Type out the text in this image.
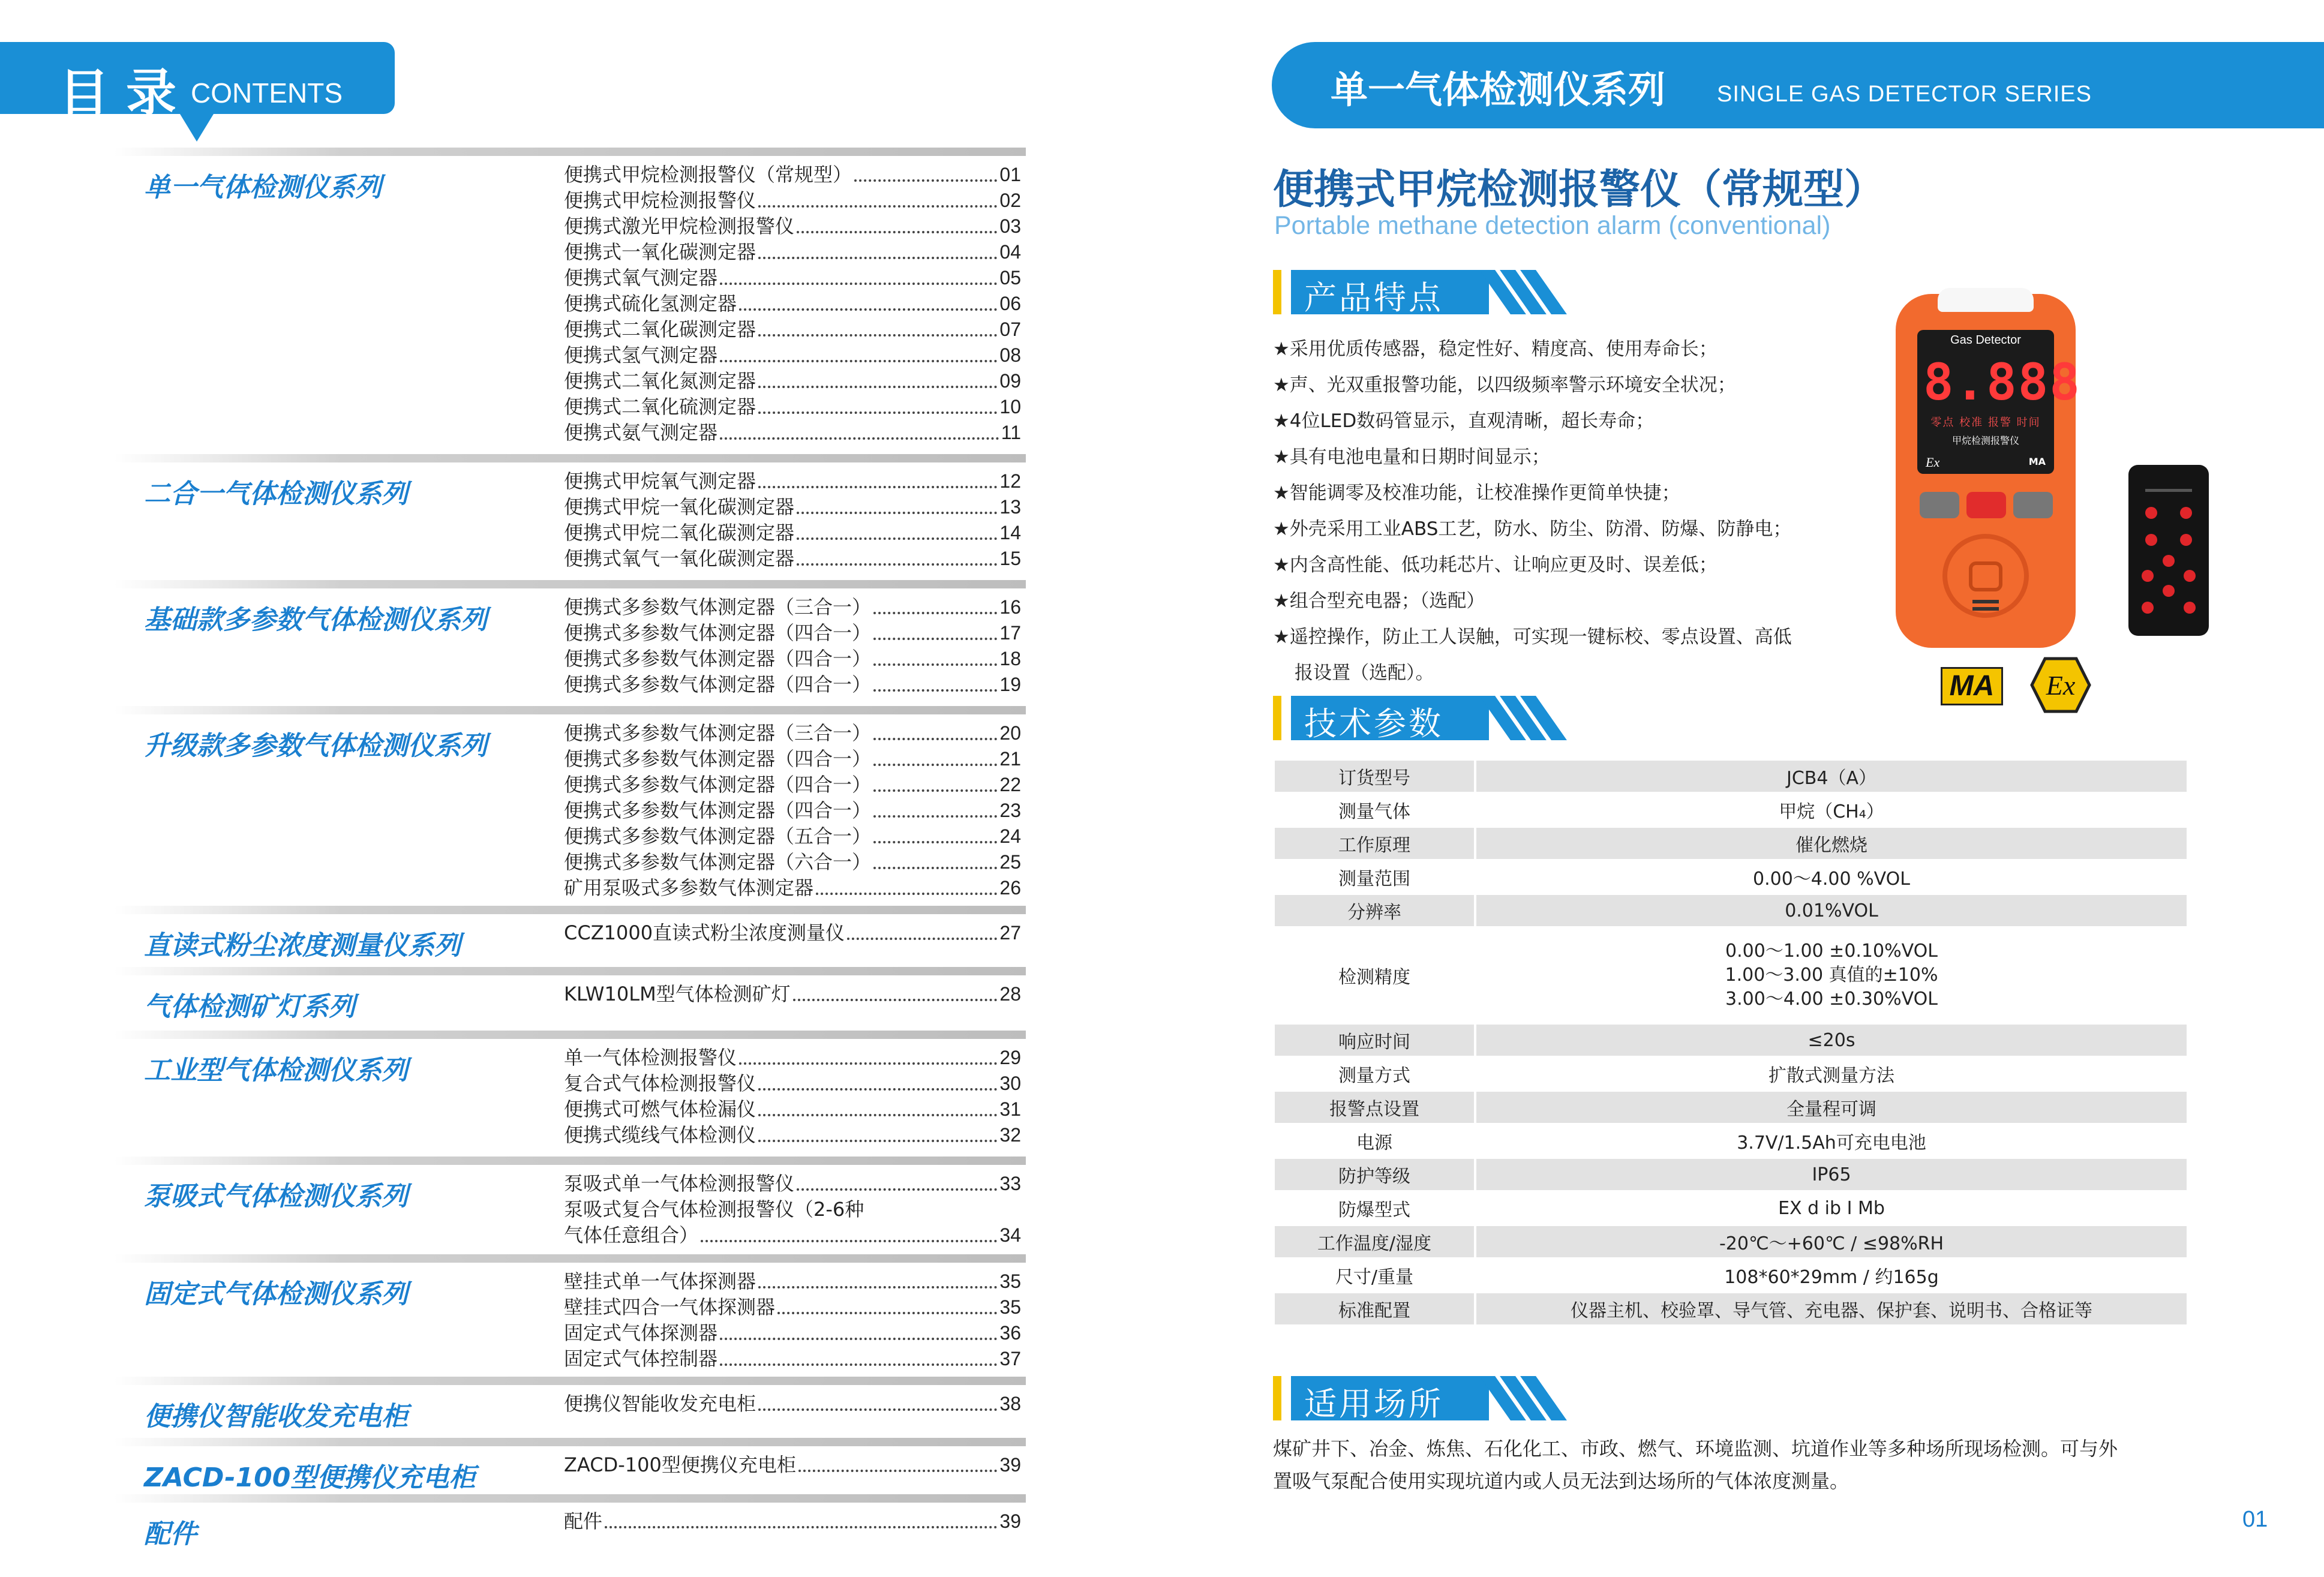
目录
CONTENTS
单一气体检测仪系列	便携式甲烷检测报警仪（常规型）	01
便携式甲烷检测报警仪	02
便携式激光甲烷检测报警仪	03
便携式一氧化碳测定器	04
便携式氧气测定器	05
便携式硫化氢测定器	06
便携式二氧化碳测定器	07
便携式氢气测定器	08
便携式二氧化氮测定器	09
便携式二氧化硫测定器	10
便携式氨气测定器	11
二合一气体检测仪系列	便携式甲烷氧气测定器	12
便携式甲烷一氧化碳测定器	13
便携式甲烷二氧化碳测定器	14
便携式氧气一氧化碳测定器	15
基础款多参数气体检测仪系列	便携式多参数气体测定器（三合一）	16
便携式多参数气体测定器（四合一）	17
便携式多参数气体测定器（四合一）	18
便携式多参数气体测定器（四合一）	19
升级款多参数气体检测仪系列	便携式多参数气体测定器（三合一）	20
便携式多参数气体测定器（四合一）	21
便携式多参数气体测定器（四合一）	22
便携式多参数气体测定器（四合一）	23
便携式多参数气体测定器（五合一）	24
便携式多参数气体测定器（六合一）	25
矿用泵吸式多参数气体测定器	26
直读式粉尘浓度测量仪系列	CCZ1000直读式粉尘浓度测量仪	27
气体检测矿灯系列	KLW10LM型气体检测矿灯	28
工业型气体检测仪系列	单一气体检测报警仪	29
复合式气体检测报警仪	30
便携式可燃气体检漏仪	31
便携式缆线气体检测仪	32
泵吸式气体检测仪系列	泵吸式单一气体检测报警仪	33
泵吸式复合气体检测报警仪（2-6种
气体任意组合）	34
固定式气体检测仪系列	壁挂式单一气体探测器	35
壁挂式四合一气体探测器	35
固定式气体探测器	36
固定式气体控制器	37
便携仪智能收发充电柜	便携仪智能收发充电柜	38
ZACD-100型便携仪充电柜	ZACD-100型便携仪充电柜	39
配件	配件	39
单一气体检测仪系列 SINGLE GAS DETECTOR SERIES
便携式甲烷检测报警仪（常规型）
Portable methane detection alarm (conventional)
产品特点
★采用优质传感器，稳定性好、精度高、使用寿命长；
★声、光双重报警功能，以四级频率警示环境安全状况；
★4位LED数码管显示，直观清晰，超长寿命；
★具有电池电量和日期时间显示；
★智能调零及校准功能，让校准操作更简单快捷；
★外壳采用工业ABS工艺，防水、防尘、防滑、防爆、防静电；
★内含高性能、低功耗芯片、让响应更及时、误差低；
★组合型充电器；（选配）
★遥控操作，防止工人误触，可实现一键标校、零点设置、高低
报设置（选配）。
Gas Detector
8.888
零点 校准 报警 时间
甲烷检测报警仪
Ex	MA
MA	Ex
技术参数
订货型号	JCB4（A）
测量气体	甲烷（CH₄）
工作原理	催化燃烧
测量范围	0.00～4.00 %VOL
分辨率	0.01%VOL
检测精度	0.00～1.00 ±0.10%VOL
1.00～3.00 真值的±10%
3.00～4.00 ±0.30%VOL

响应时间	≤20s
测量方式	扩散式测量方法
报警点设置	全量程可调
电源	3.7V/1.5Ah可充电电池
防护等级	IP65
防爆型式	EX d ib Ⅰ Mb
工作温度/湿度	-20℃～+60℃ / ≤98%RH
尺寸/重量	108*60*29mm / 约165g
标准配置	仪器主机、校验罩、导气管、充电器、保护套、说明书、合格证等
适用场所
煤矿井下、冶金、炼焦、石化化工、市政、燃气、环境监测、坑道作业等多种场所现场检测。可与外
置吸气泵配合使用实现坑道内或人员无法到达场所的气体浓度测量。
01
